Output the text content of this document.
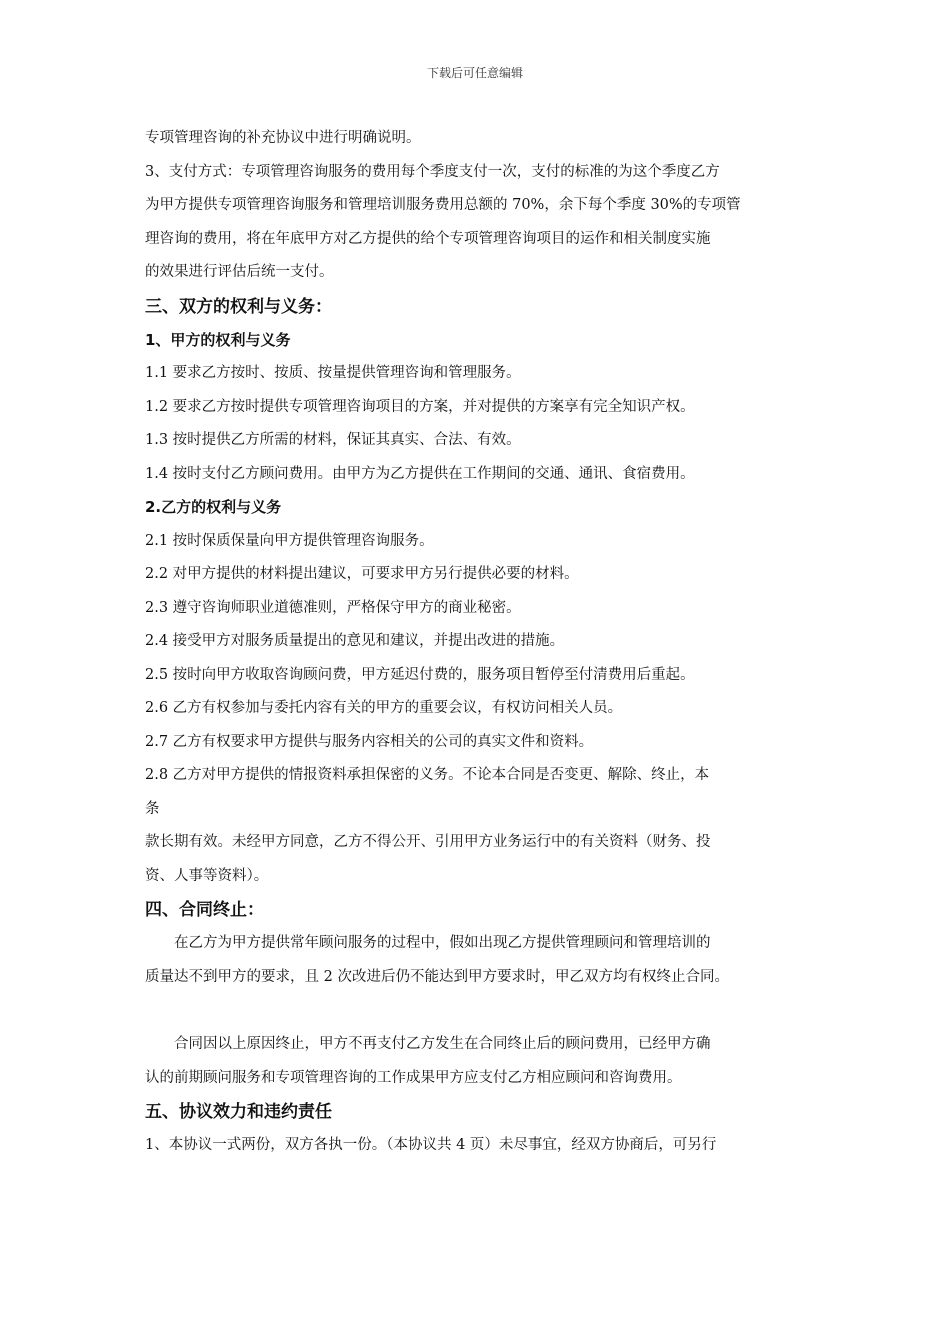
下载后可任意编辑
专项管理咨询的补充协议中进行明确说明。
3、支付方式：专项管理咨询服务的费用每个季度支付一次，支付的标准的为这个季度乙方
为甲方提供专项管理咨询服务和管理培训服务费用总额的 70%，余下每个季度 30%的专项管
理咨询的费用，将在年底甲方对乙方提供的给个专项管理咨询项目的运作和相关制度实施
的效果进行评估后统一支付。
三、双方的权利与义务：
1、甲方的权利与义务
1.1 要求乙方按时、按质、按量提供管理咨询和管理服务。
1.2 要求乙方按时提供专项管理咨询项目的方案，并对提供的方案享有完全知识产权。
1.3 按时提供乙方所需的材料，保证其真实、合法、有效。
1.4 按时支付乙方顾问费用。由甲方为乙方提供在工作期间的交通、通讯、食宿费用。
2.乙方的权利与义务
2.1 按时保质保量向甲方提供管理咨询服务。
2.2 对甲方提供的材料提出建议，可要求甲方另行提供必要的材料。
2.3 遵守咨询师职业道德准则，严格保守甲方的商业秘密。
2.4 接受甲方对服务质量提出的意见和建议，并提出改进的措施。
2.5 按时向甲方收取咨询顾问费，甲方延迟付费的，服务项目暂停至付清费用后重起。
2.6 乙方有权参加与委托内容有关的甲方的重要会议，有权访问相关人员。
2.7 乙方有权要求甲方提供与服务内容相关的公司的真实文件和资料。
2.8 乙方对甲方提供的情报资料承担保密的义务。不论本合同是否变更、解除、终止，本
条
款长期有效。未经甲方同意，乙方不得公开、引用甲方业务运行中的有关资料（财务、投
资、人事等资料）。
四、合同终止：
在乙方为甲方提供常年顾问服务的过程中，假如出现乙方提供管理顾问和管理培训的
质量达不到甲方的要求，且 2 次改进后仍不能达到甲方要求时，甲乙双方均有权终止合同。
合同因以上原因终止，甲方不再支付乙方发生在合同终止后的顾问费用，已经甲方确
认的前期顾问服务和专项管理咨询的工作成果甲方应支付乙方相应顾问和咨询费用。
五、协议效力和违约责任
1、本协议一式两份，双方各执一份。（本协议共 4 页）未尽事宜，经双方协商后，可另行
